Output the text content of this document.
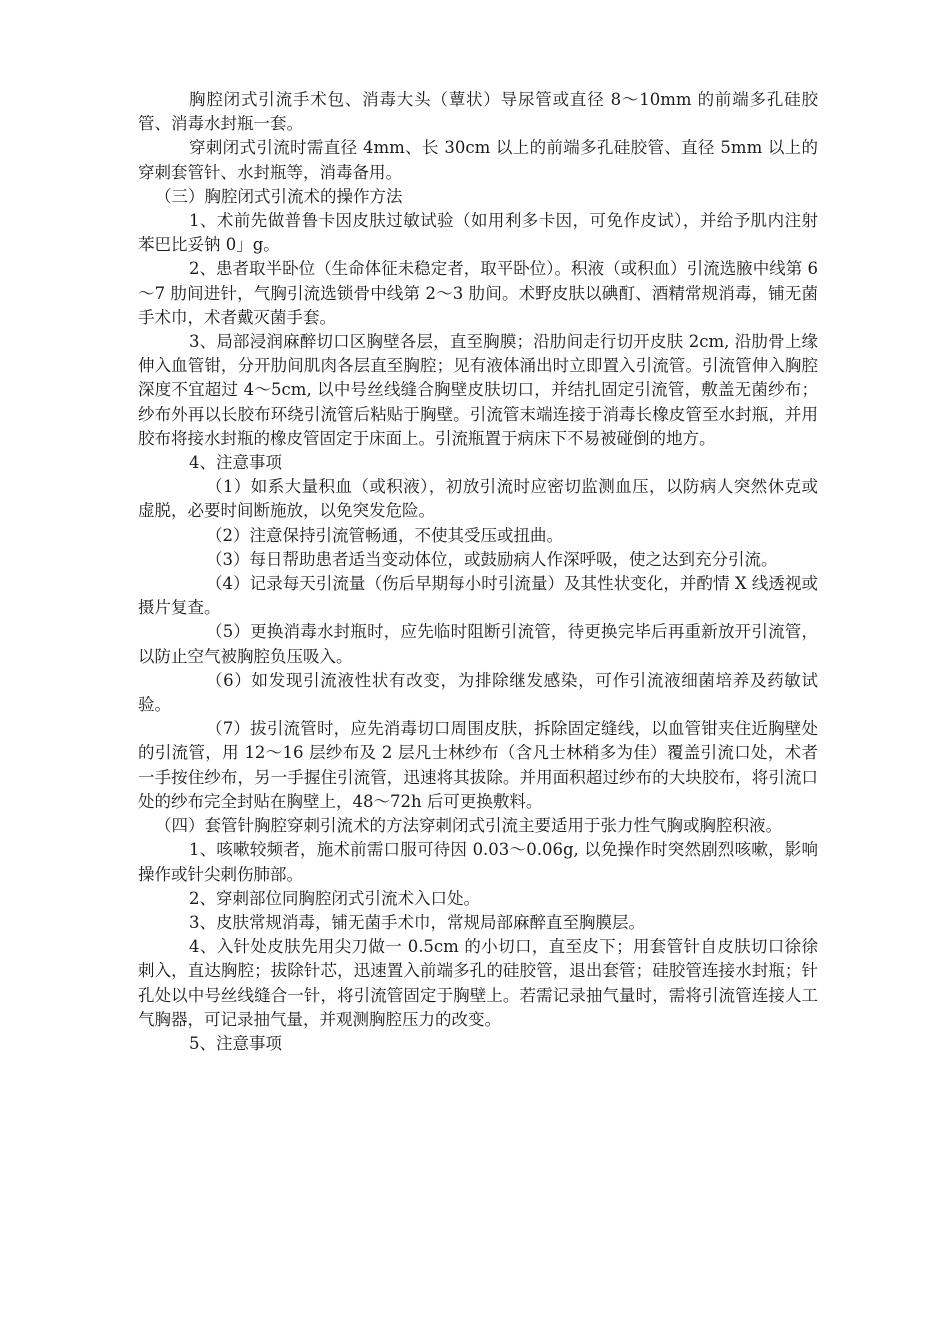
胸腔闭式引流手术包、消毒大头（蕈状）导尿管或直径 8～10mm 的前端多孔硅胶管、消毒水封瓶一套。

穿刺闭式引流时需直径 4mm、长 30cm 以上的前端多孔硅胶管、直径 5mm 以上的穿刺套管针、水封瓶等，消毒备用。

（三）胸腔闭式引流术的操作方法

1、术前先做普鲁卡因皮肤过敏试验（如用利多卡因，可免作皮试），并给予肌内注射苯巴比妥钠 0」g。

2、患者取半卧位（生命体征未稳定者，取平卧位）。积液（或积血）引流选腋中线第 6～7 肋间进针，气胸引流选锁骨中线第 2～3 肋间。术野皮肤以碘酊、酒精常规消毒，铺无菌手术巾，术者戴灭菌手套。

3、局部浸润麻醉切口区胸壁各层，直至胸膜；沿肋间走行切开皮肤 2cm, 沿肋骨上缘伸入血管钳，分开肋间肌肉各层直至胸腔；见有液体涌出时立即置入引流管。引流管伸入胸腔深度不宜超过 4～5cm, 以中号丝线缝合胸壁皮肤切口，并结扎固定引流管，敷盖无菌纱布；纱布外再以长胶布环绕引流管后粘贴于胸壁。引流管末端连接于消毒长橡皮管至水封瓶，并用胶布将接水封瓶的橡皮管固定于床面上。引流瓶置于病床下不易被碰倒的地方。

4、注意事项

（1）如系大量积血（或积液），初放引流时应密切监测血压，以防病人突然休克或虚脱，必要时间断施放，以免突发危险。

（2）注意保持引流管畅通，不使其受压或扭曲。

（3）每日帮助患者适当变动体位，或鼓励病人作深呼吸，使之达到充分引流。

（4）记录每天引流量（伤后早期每小时引流量）及其性状变化，并酌情 X 线透视或摄片复查。

（5）更换消毒水封瓶时，应先临时阻断引流管，待更换完毕后再重新放开引流管，以防止空气被胸腔负压吸入。

（6）如发现引流液性状有改变，为排除继发感染，可作引流液细菌培养及药敏试验。

（7）拔引流管时，应先消毒切口周围皮肤，拆除固定缝线，以血管钳夹住近胸壁处的引流管，用 12～16 层纱布及 2 层凡士林纱布（含凡士林稍多为佳）覆盖引流口处，术者一手按住纱布，另一手握住引流管，迅速将其拔除。并用面积超过纱布的大块胶布，将引流口处的纱布完全封贴在胸壁上，48～72h 后可更换敷料。

（四）套管针胸腔穿刺引流术的方法穿刺闭式引流主要适用于张力性气胸或胸腔积液。

1、咳嗽较频者，施术前需口服可待因 0.03～0.06g, 以免操作时突然剧烈咳嗽，影响操作或针尖刺伤肺部。

2、穿刺部位同胸腔闭式引流术入口处。

3、皮肤常规消毒，铺无菌手术巾，常规局部麻醉直至胸膜层。

4、入针处皮肤先用尖刀做一 0.5cm 的小切口，直至皮下；用套管针自皮肤切口徐徐刺入，直达胸腔；拔除针芯，迅速置入前端多孔的硅胶管，退出套管；硅胶管连接水封瓶；针孔处以中号丝线缝合一针，将引流管固定于胸壁上。若需记录抽气量时，需将引流管连接人工气胸器，可记录抽气量，并观测胸腔压力的改变。

5、注意事项
